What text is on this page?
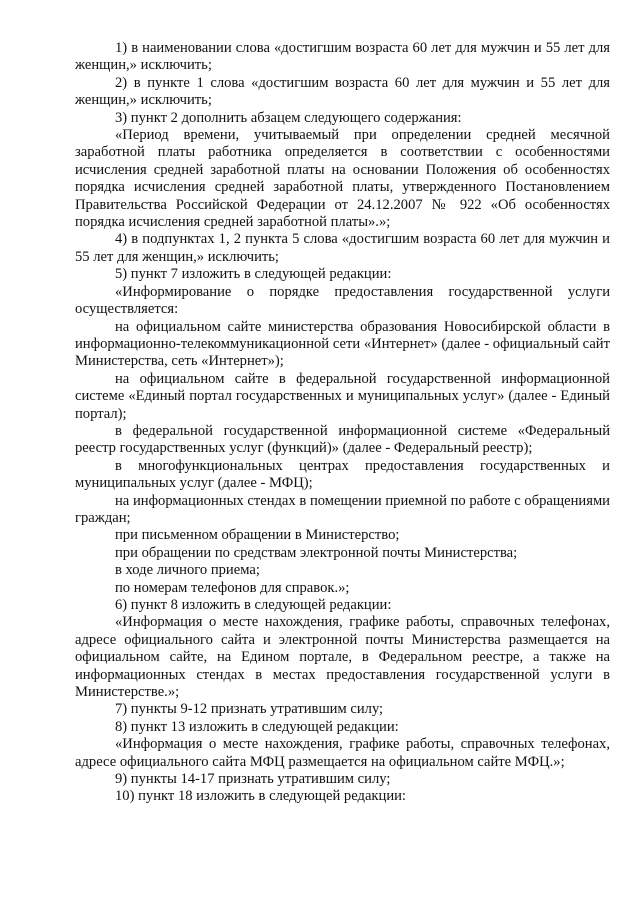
1) в наименовании слова «достигшим возраста 60 лет для мужчин и 55 лет для женщин,» исключить;

2) в пункте 1 слова «достигшим возраста 60 лет для мужчин и 55 лет для женщин,» исключить;

3) пункт 2 дополнить абзацем следующего содержания:

«Период времени, учитываемый при определении средней месячной заработной платы работника определяется в соответствии с особенностями исчисления средней заработной платы на основании Положения об особенностях порядка исчисления средней заработной платы, утвержденного Постановлением Правительства Российской Федерации от 24.12.2007 № 922 «Об особенностях порядка исчисления средней заработной платы».»;

4) в подпунктах 1, 2 пункта 5 слова «достигшим возраста 60 лет для мужчин и 55 лет для женщин,» исключить;

5) пункт 7 изложить в следующей редакции:

«Информирование о порядке предоставления государственной услуги осуществляется:

на официальном сайте министерства образования Новосибирской области в информационно-телекоммуникационной сети «Интернет» (далее - официальный сайт Министерства, сеть «Интернет»);

на официальном сайте в федеральной государственной информационной системе «Единый портал государственных и муниципальных услуг» (далее - Единый портал);

в федеральной государственной информационной системе «Федеральный реестр государственных услуг (функций)» (далее - Федеральный реестр);

в многофункциональных центрах предоставления государственных и муниципальных услуг (далее - МФЦ);

на информационных стендах в помещении приемной по работе с обращениями граждан;

при письменном обращении в Министерство;

при обращении по средствам электронной почты Министерства;

в ходе личного приема;

по номерам телефонов для справок.»;

6) пункт 8 изложить в следующей редакции:

«Информация о месте нахождения, графике работы, справочных телефонах, адресе официального сайта и электронной почты Министерства размещается на официальном сайте, на Едином портале, в Федеральном реестре, а также на информационных стендах в местах предоставления государственной услуги в Министерстве.»;

7) пункты 9-12 признать утратившим силу;

8) пункт 13 изложить в следующей редакции:

«Информация о месте нахождения, графике работы, справочных телефонах, адресе официального сайта МФЦ размещается на официальном сайте МФЦ.»;

9) пункты 14-17 признать утратившим силу;

10) пункт 18 изложить в следующей редакции:
